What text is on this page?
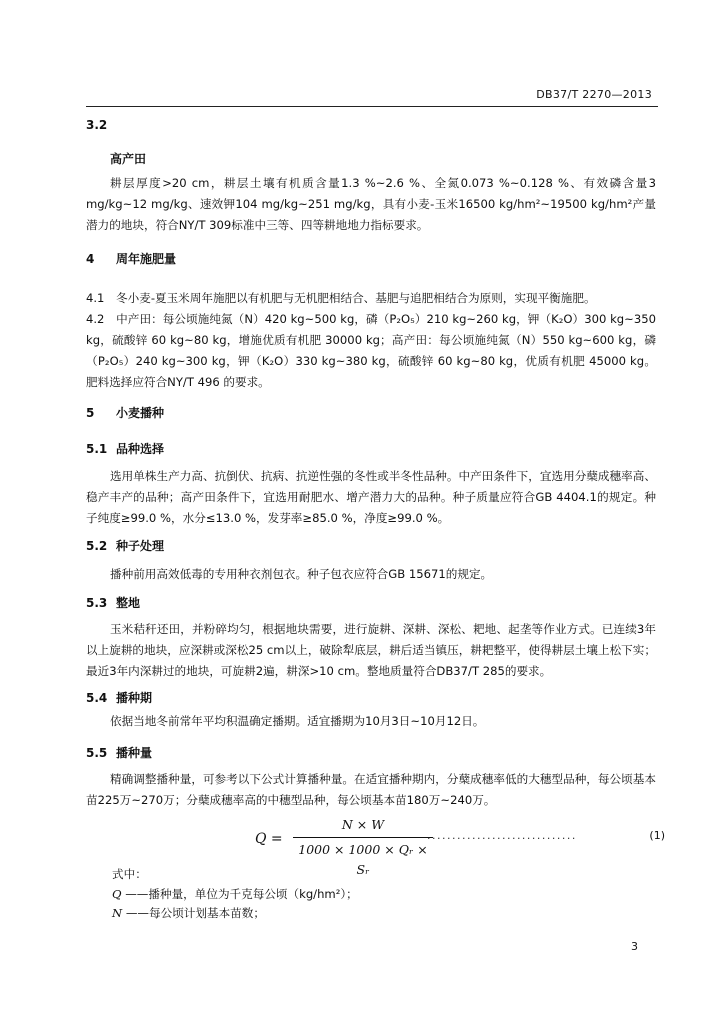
DB37/T 2270—2013
3.2
高产田
耕层厚度>20 cm，耕层土壤有机质含量1.3 %~2.6 %、全氮0.073 %~0.128 %、有效磷含量3 mg/kg~12 mg/kg、速效钾104 mg/kg~251 mg/kg，具有小麦-玉米16500 kg/hm²~19500 kg/hm²产量潜力的地块，符合NY/T 309标准中三等、四等耕地地力指标要求。
4 周年施肥量
4.1　冬小麦-夏玉米周年施肥以有机肥与无机肥相结合、基肥与追肥相结合为原则，实现平衡施肥。
4.2　中产田：每公顷施纯氮（N）420 kg~500 kg，磷（P₂O₅）210 kg~260 kg，钾（K₂O）300 kg~350 kg，硫酸锌 60 kg~80 kg，增施优质有机肥 30000 kg；高产田：每公顷施纯氮（N）550 kg~600 kg，磷（P₂O₅）240 kg~300 kg，钾（K₂O）330 kg~380 kg，硫酸锌 60 kg~80 kg，优质有机肥 45000 kg。肥料选择应符合NY/T 496 的要求。
5 小麦播种
5.1 品种选择
选用单株生产力高、抗倒伏、抗病、抗逆性强的冬性或半冬性品种。中产田条件下，宜选用分蘖成穗率高、稳产丰产的品种；高产田条件下，宜选用耐肥水、增产潜力大的品种。种子质量应符合GB 4404.1的规定。种子纯度≥99.0 %，水分≤13.0 %，发芽率≥85.0 %，净度≥99.0 %。
5.2 种子处理
播种前用高效低毒的专用种衣剂包衣。种子包衣应符合GB 15671的规定。
5.3 整地
玉米秸秆还田，并粉碎均匀，根据地块需要，进行旋耕、深耕、深松、耙地、起垄等作业方式。已连续3年以上旋耕的地块，应深耕或深松25 cm以上，破除犁底层，耕后适当镇压，耕耙整平，使得耕层土壤上松下实；最近3年内深耕过的地块，可旋耕2遍，耕深>10 cm。整地质量符合DB37/T 285的要求。
5.4 播种期
依据当地冬前常年平均积温确定播期。适宜播期为10月3日~10月12日。
5.5 播种量
精确调整播种量，可参考以下公式计算播种量。在适宜播种期内，分蘖成穗率低的大穗型品种，每公顷基本苗225万~270万；分蘖成穗率高的中穗型品种，每公顷基本苗180万~240万。
Q =
N × W
1000 × 1000 × Qᵣ × Sᵣ
..............................	(1)
式中：
Q ——播种量，单位为千克每公顷（kg/hm²）；
N ——每公顷计划基本苗数；
3
